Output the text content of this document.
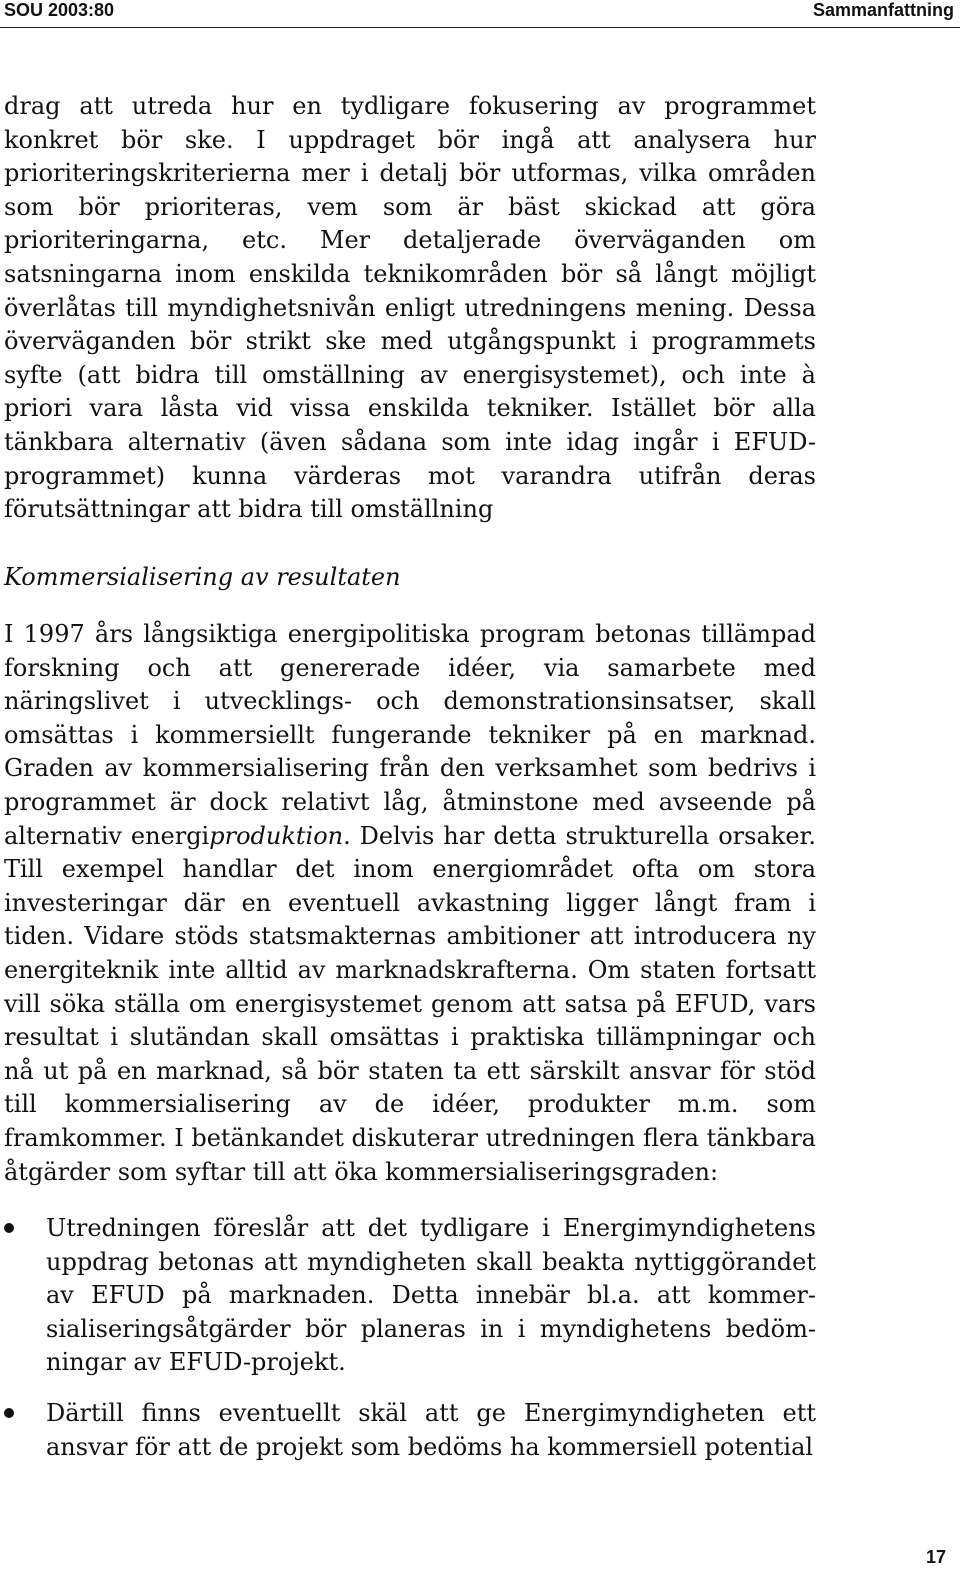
SOU 2003:80	Sammanfattning

drag att utreda hur en tydligare fokusering av programmet konkret bör ske. I uppdraget bör ingå att analysera hur prioriteringskriterierna mer i detalj bör utformas, vilka områden som bör prioriteras, vem som är bäst skickad att göra prioriteringarna, etc. Mer detaljerade överväganden om satsningarna inom enskilda teknikområden bör så långt möjligt överlåtas till myndighetsnivån enligt utredningens mening. Dessa överväganden bör strikt ske med utgångspunkt i programmets syfte (att bidra till omställning av energisystemet), och inte à priori vara låsta vid vissa enskilda tekniker. Istället bör alla tänkbara alternativ (även sådana som inte idag ingår i EFUD-programmet) kunna värderas mot varandra utifrån deras förutsättningar att bidra till omställning

Kommersialisering av resultaten

I 1997 års långsiktiga energipolitiska program betonas tillämpad forskning och att genererade idéer, via samarbete med näringslivet i utvecklings- och demonstrationsinsatser, skall omsättas i kommersiellt fungerande tekniker på en marknad. Graden av kommersialisering från den verksamhet som bedrivs i programmet är dock relativt låg, åtminstone med avseende på alternativ energiproduktion. Delvis har detta strukturella orsaker. Till exempel handlar det inom energiområdet ofta om stora investeringar där en eventuell avkastning ligger långt fram i tiden. Vidare stöds statsmakternas ambitioner att introducera ny energiteknik inte alltid av marknadskrafterna. Om staten fortsatt vill söka ställa om energisystemet genom att satsa på EFUD, vars resultat i slutändan skall omsättas i praktiska tillämpningar och nå ut på en marknad, så bör staten ta ett särskilt ansvar för stöd till kommersialisering av de idéer, produkter m.m. som framkommer. I betänkandet diskuterar utredningen flera tänkbara åtgärder som syftar till att öka kommersialiseringsgraden:

Utredningen föreslår att det tydligare i Energimyndighetens uppdrag betonas att myndigheten skall beakta nyttiggörandet av EFUD på marknaden. Detta innebär bl.a. att kommersialiseringsåtgärder bör planeras in i myndighetens bedömningar av EFUD-projekt.
Därtill finns eventuellt skäl att ge Energimyndigheten ett ansvar för att de projekt som bedöms ha kommersiell potential
17
